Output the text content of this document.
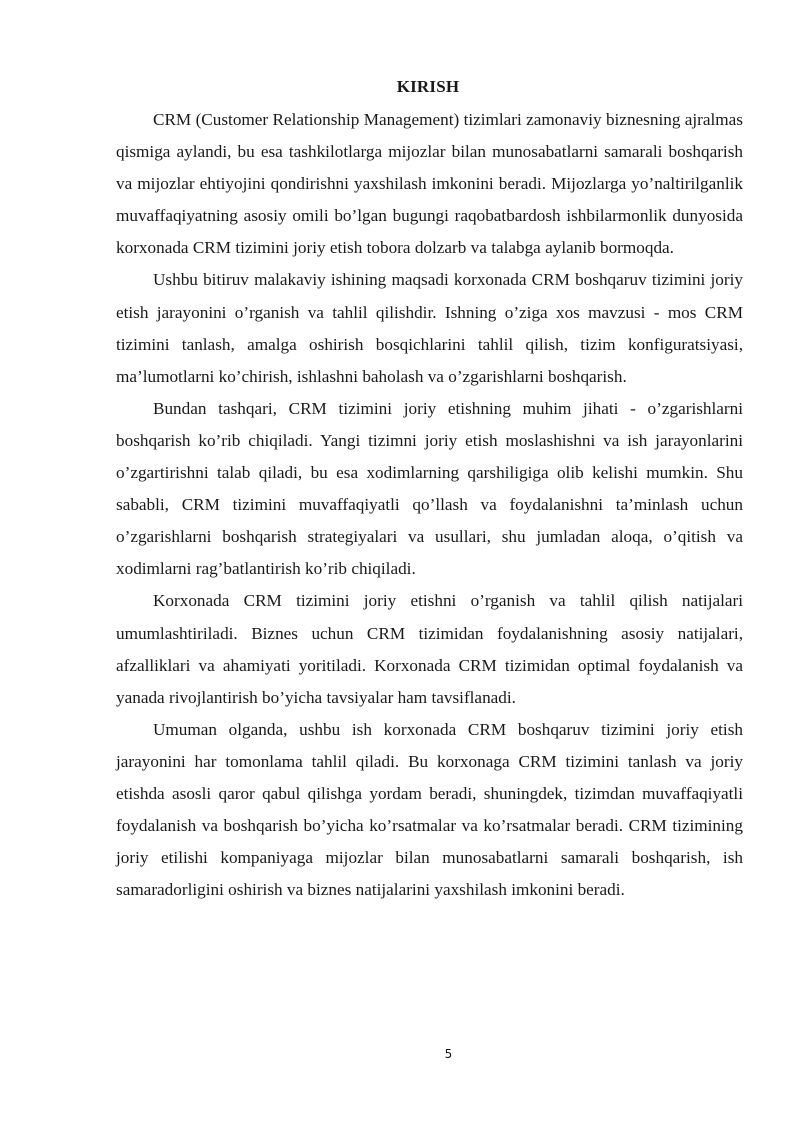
KIRISH

CRM (Customer Relationship Management) tizimlari zamonaviy biznesning ajralmas qismiga aylandi, bu esa tashkilotlarga mijozlar bilan munosabatlarni samarali boshqarish va mijozlar ehtiyojini qondirishni yaxshilash imkonini beradi. Mijozlarga yo’naltirilganlik muvaffaqiyatning asosiy omili bo’lgan bugungi raqobatbardosh ishbilarmonlik dunyosida korxonada CRM tizimini joriy etish tobora dolzarb va talabga aylanib bormoqda.

Ushbu bitiruv malakaviy ishining maqsadi korxonada CRM boshqaruv tizimini joriy etish jarayonini o’rganish va tahlil qilishdir. Ishning o’ziga xos mavzusi - mos CRM tizimini tanlash, amalga oshirish bosqichlarini tahlil qilish, tizim konfiguratsiyasi, ma’lumotlarni ko’chirish, ishlashni baholash va o’zgarishlarni boshqarish.

Bundan tashqari, CRM tizimini joriy etishning muhim jihati - o’zgarishlarni boshqarish ko’rib chiqiladi. Yangi tizimni joriy etish moslashishni va ish jarayonlarini o’zgartirishni talab qiladi, bu esa xodimlarning qarshiligiga olib kelishi mumkin. Shu sababli, CRM tizimini muvaffaqiyatli qo’llash va foydalanishni ta’minlash uchun o’zgarishlarni boshqarish strategiyalari va usullari, shu jumladan aloqa, o’qitish va xodimlarni rag’batlantirish ko’rib chiqiladi.

Korxonada CRM tizimini joriy etishni o’rganish va tahlil qilish natijalari umumlashtiriladi. Biznes uchun CRM tizimidan foydalanishning asosiy natijalari, afzalliklari va ahamiyati yoritiladi. Korxonada CRM tizimidan optimal foydalanish va yanada rivojlantirish bo’yicha tavsiyalar ham tavsiflanadi.

Umuman olganda, ushbu ish korxonada CRM boshqaruv tizimini joriy etish jarayonini har tomonlama tahlil qiladi. Bu korxonaga CRM tizimini tanlash va joriy etishda asosli qaror qabul qilishga yordam beradi, shuningdek, tizimdan muvaffaqiyatli foydalanish va boshqarish bo’yicha ko’rsatmalar va ko’rsatmalar beradi. CRM tizimining joriy etilishi kompaniyaga mijozlar bilan munosabatlarni samarali boshqarish, ish samaradorligini oshirish va biznes natijalarini yaxshilash imkonini beradi.

5
